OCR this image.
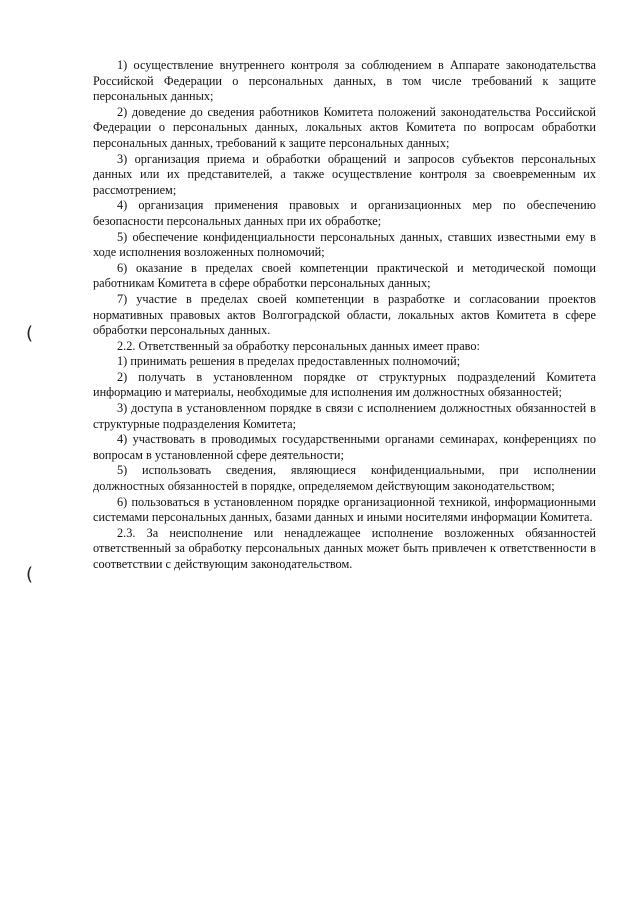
(
(

1) осуществление внутреннего контроля за соблюдением в Аппарате законодательства Российской Федерации о персональных данных, в том числе требований к защите персональных данных;

2) доведение до сведения работников Комитета положений законодательства Российской Федерации о персональных данных, локальных актов Комитета по вопросам обработки персональных данных, требований к защите персональных данных;

3) организация приема и обработки обращений и запросов субъектов персональных данных или их представителей, а также осуществление контроля за своевременным их рассмотрением;

4) организация применения правовых и организационных мер по обеспечению безопасности персональных данных при их обработке;

5) обеспечение конфиденциальности персональных данных, ставших известными ему в ходе исполнения возложенных полномочий;

6) оказание в пределах своей компетенции практической и методической помощи работникам Комитета в сфере обработки персональных данных;

7) участие в пределах своей компетенции в разработке и согласовании проектов нормативных правовых актов Волгоградской области, локальных актов Комитета в сфере обработки персональных данных.

2.2. Ответственный за обработку персональных данных имеет право:

1) принимать решения в пределах предоставленных полномочий;

2) получать в установленном порядке от структурных подразделений Комитета информацию и материалы, необходимые для исполнения им должностных обязанностей;

3) доступа в установленном порядке в связи с исполнением должностных обязанностей в структурные подразделения Комитета;

4) участвовать в проводимых государственными органами семинарах, конференциях по вопросам в установленной сфере деятельности;

5) использовать сведения, являющиеся конфиденциальными, при исполнении должностных обязанностей в порядке, определяемом действующим законодательством;

6) пользоваться в установленном порядке организационной техникой, информационными системами персональных данных, базами данных и иными носителями информации Комитета.

2.3. За неисполнение или ненадлежащее исполнение возложенных обязанностей ответственный за обработку персональных данных может быть привлечен к ответственности в соответствии с действующим законодательством.
